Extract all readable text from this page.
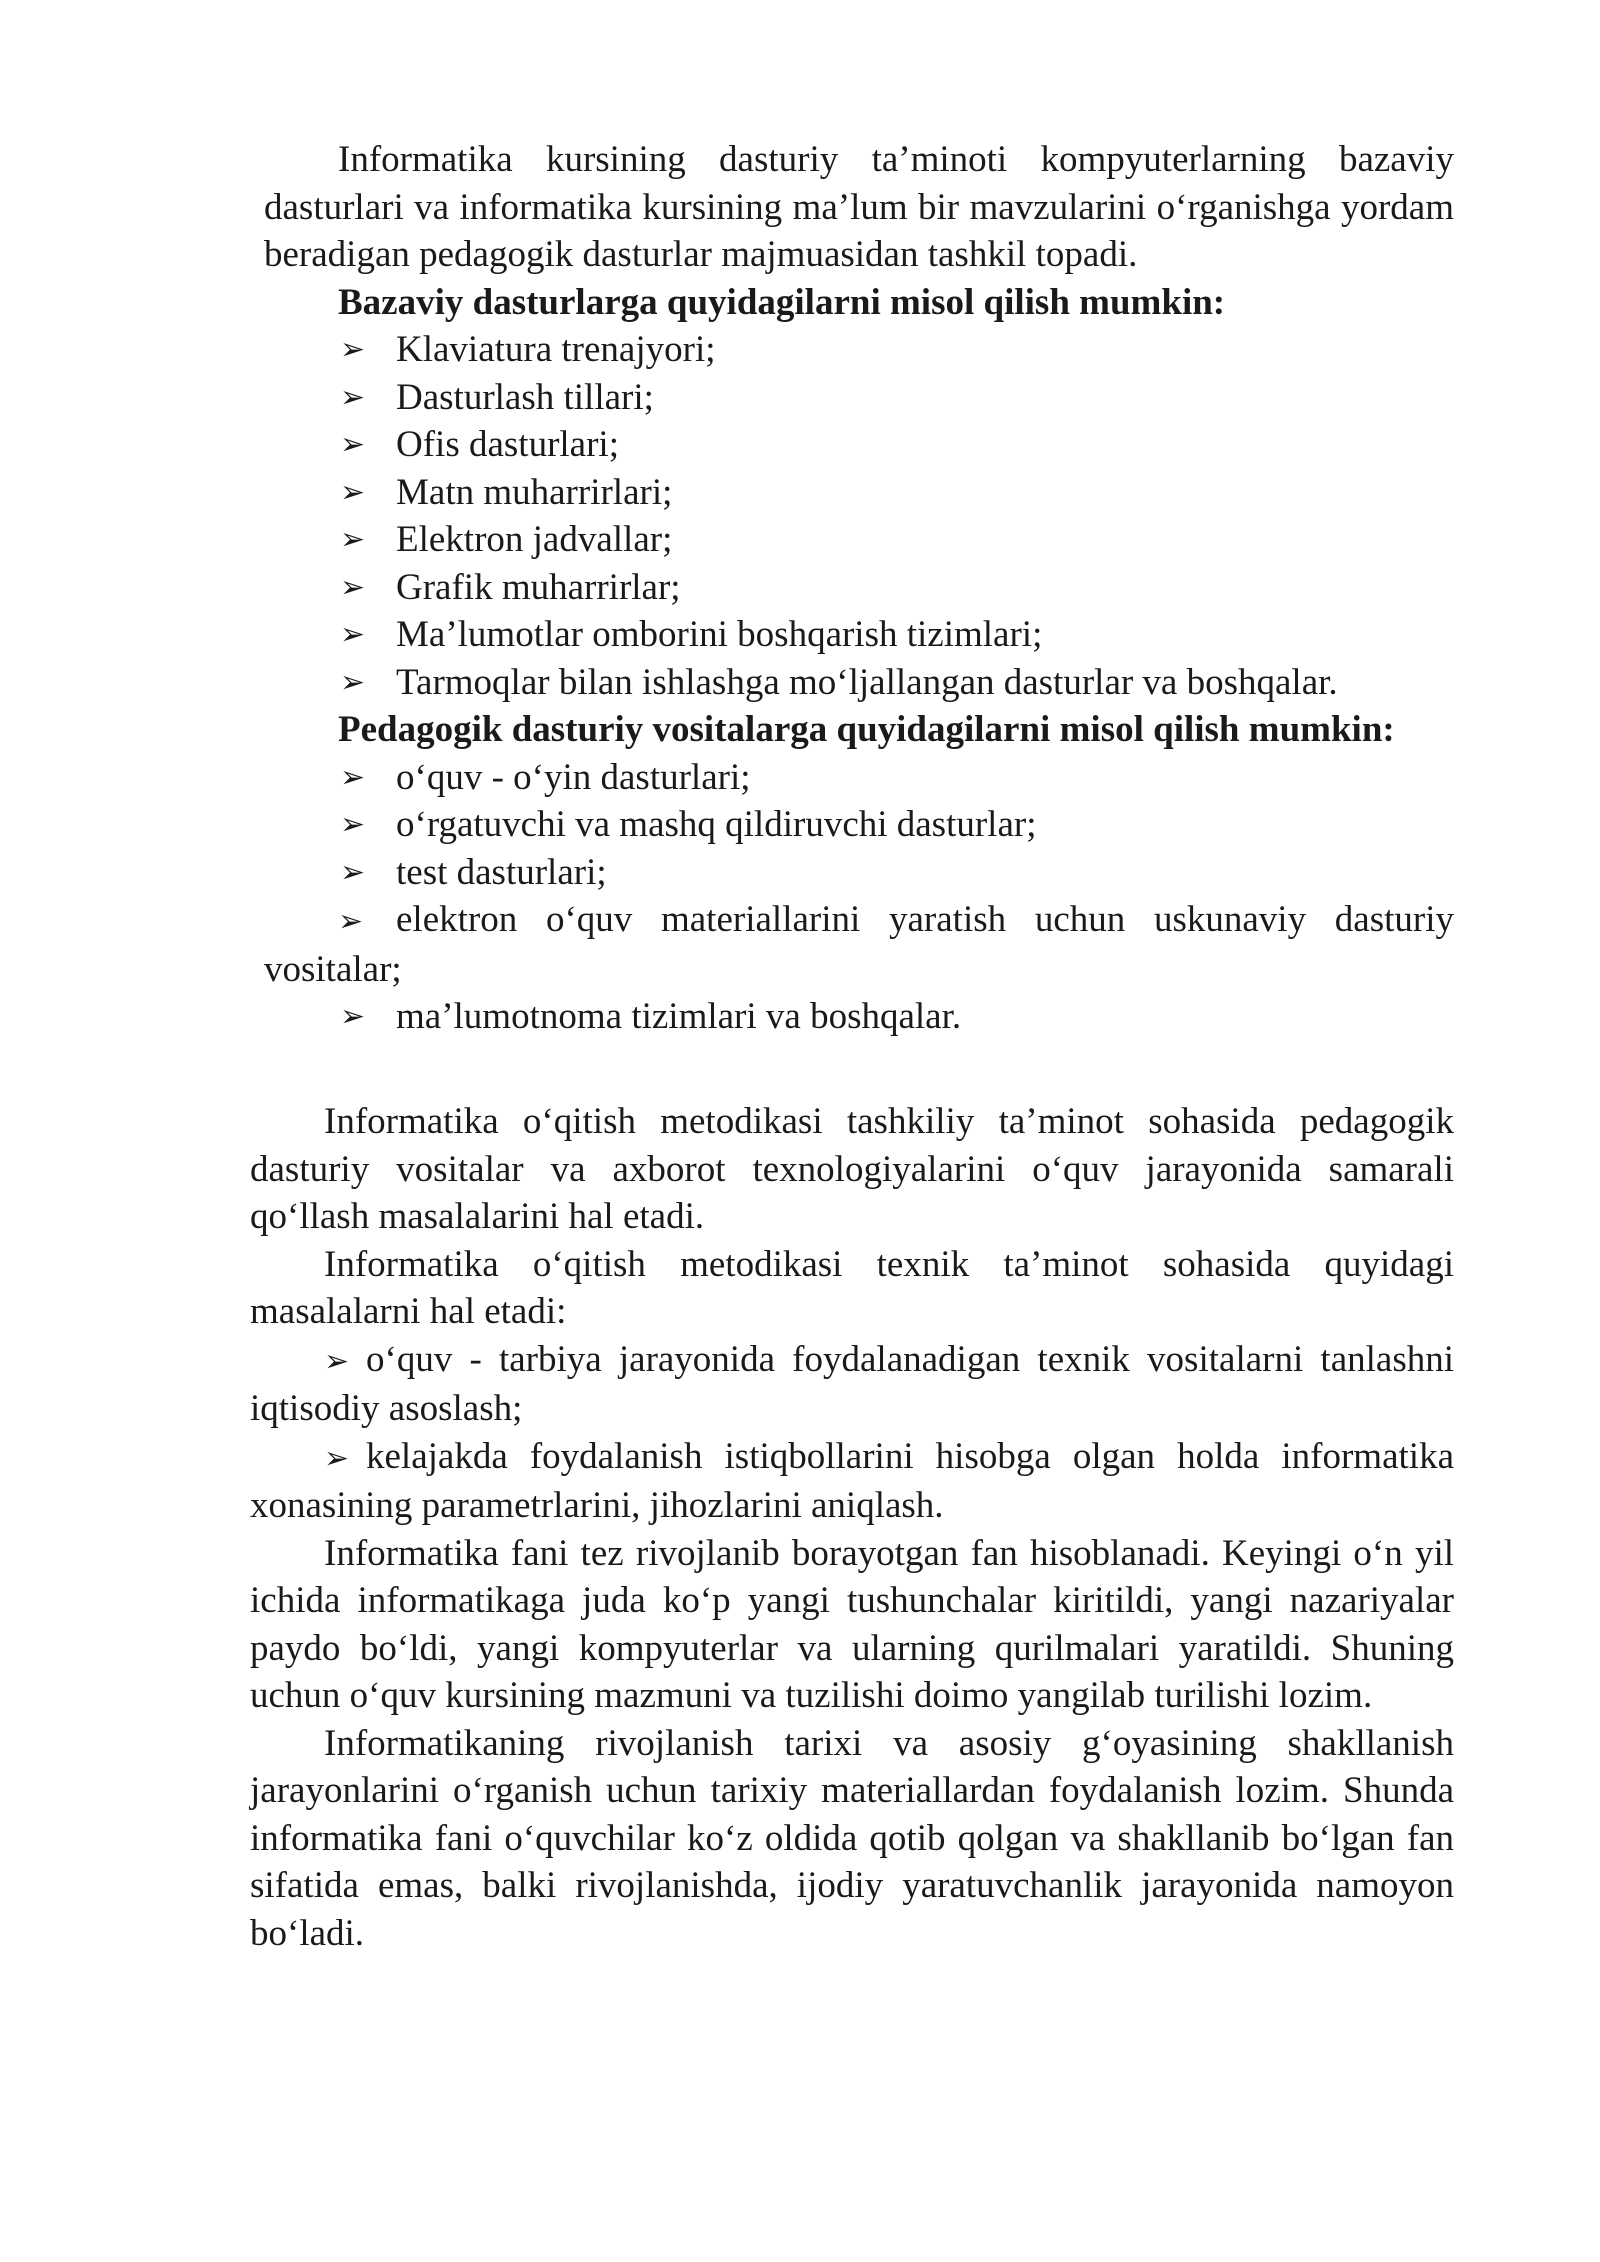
Informatika kursining dasturiy ta’minoti kompyuterlarning bazaviy dasturlari va informatika kursining ma’lum bir mavzularini o‘rganishga yordam beradigan pedagogik dasturlar majmuasidan tashkil topadi.

Bazaviy dasturlarga quyidagilarni misol qilish mumkin:

➢ Klaviatura trenajyori;
➢ Dasturlash tillari;
➢ Ofis dasturlari;
➢ Matn muharrirlari;
➢ Elektron jadvallar;
➢ Grafik muharrirlar;
➢ Ma’lumotlar omborini boshqarish tizimlari;
➢ Tarmoqlar bilan ishlashga mo‘ljallangan dasturlar va boshqalar.

Pedagogik dasturiy vositalarga quyidagilarni misol qilish mumkin:

➢ o‘quv - o‘yin dasturlari;
➢ o‘rgatuvchi va mashq qildiruvchi dasturlar;
➢ test dasturlari;
➢ elektron o‘quv materiallarini yaratish uchun uskunaviy dasturiy vositalar;
➢ ma’lumotnoma tizimlari va boshqalar.

Informatika o‘qitish metodikasi tashkiliy ta’minot sohasida pedagogik dasturiy vositalar va axborot texnologiyalarini o‘quv jarayonida samarali qo‘llash masalalarini hal etadi.

Informatika o‘qitish metodikasi texnik ta’minot sohasida quyidagi masalalarni hal etadi:

➢ o‘quv - tarbiya jarayonida foydalanadigan texnik vositalarni tanlashni iqtisodiy asoslash;
➢ kelajakda foydalanish istiqbollarini hisobga olgan holda informatika xonasining parametrlarini, jihozlarini aniqlash.

Informatika fani tez rivojlanib borayotgan fan hisoblanadi. Keyingi o‘n yil ichida informatikaga juda ko‘p yangi tushunchalar kiritildi, yangi nazariyalar paydo bo‘ldi, yangi kompyuterlar va ularning qurilmalari yaratildi. Shuning uchun o‘quv kursining mazmuni va tuzilishi doimo yangilab turilishi lozim.

Informatikaning rivojlanish tarixi va asosiy g‘oyasining shakllanish jarayonlarini o‘rganish uchun tarixiy materiallardan foydalanish lozim. Shunda informatika fani o‘quvchilar ko‘z oldida qotib qolgan va shakllanib bo‘lgan fan sifatida emas, balki rivojlanishda, ijodiy yaratuvchanlik jarayonida namoyon bo‘ladi.
